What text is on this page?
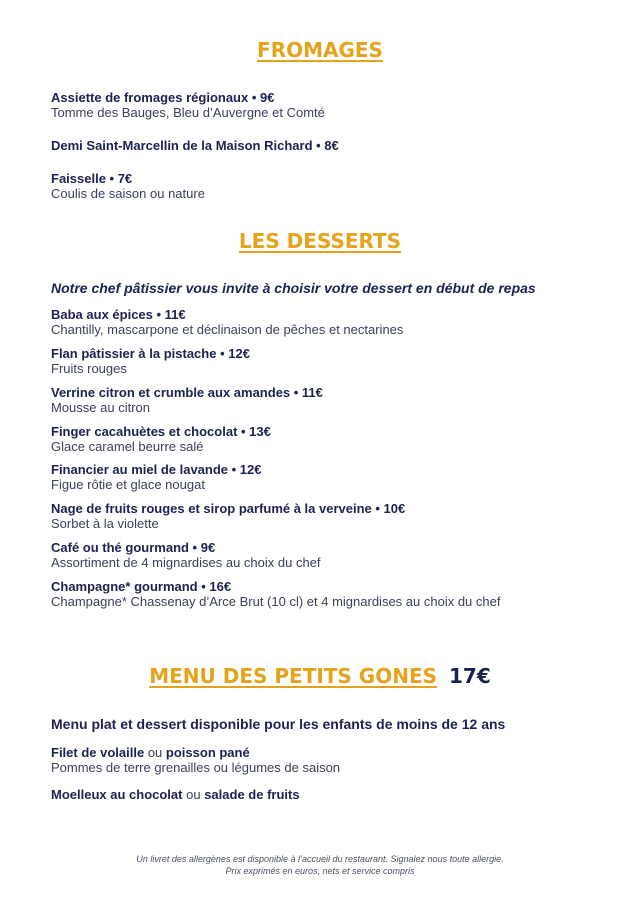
FROMAGES
Assiette de fromages régionaux • 9€
Tomme des Bauges, Bleu d’Auvergne et Comté
Demi Saint-Marcellin de la Maison Richard • 8€
Faisselle • 7€
Coulis de saison ou nature
LES DESSERTS
Notre chef pâtissier vous invite à choisir votre dessert en début de repas
Baba aux épices • 11€
Chantilly, mascarpone et déclinaison de pêches et nectarines
Flan pâtissier à la pistache • 12€
Fruits rouges
Verrine citron et crumble aux amandes • 11€
Mousse au citron
Finger cacahuètes et chocolat • 13€
Glace caramel beurre salé
Financier au miel de lavande • 12€
Figue rôtie et glace nougat
Nage de fruits rouges et sirop parfumé à la verveine • 10€
Sorbet à la violette
Café ou thé gourmand • 9€
Assortiment de 4 mignardises au choix du chef
Champagne* gourmand • 16€
Champagne* Chassenay d’Arce Brut (10 cl) et 4 mignardises au choix du chef
MENU DES PETITS GONES 17€
Menu plat et dessert disponible pour les enfants de moins de 12 ans
Filet de volaille ou poisson pané
Pommes de terre grenailles ou légumes de saison
Moelleux au chocolat ou salade de fruits
Un livret des allergènes est disponible à l’accueil du restaurant. Signalez nous toute allergie.
Prix exprimés en euros, nets et service compris
